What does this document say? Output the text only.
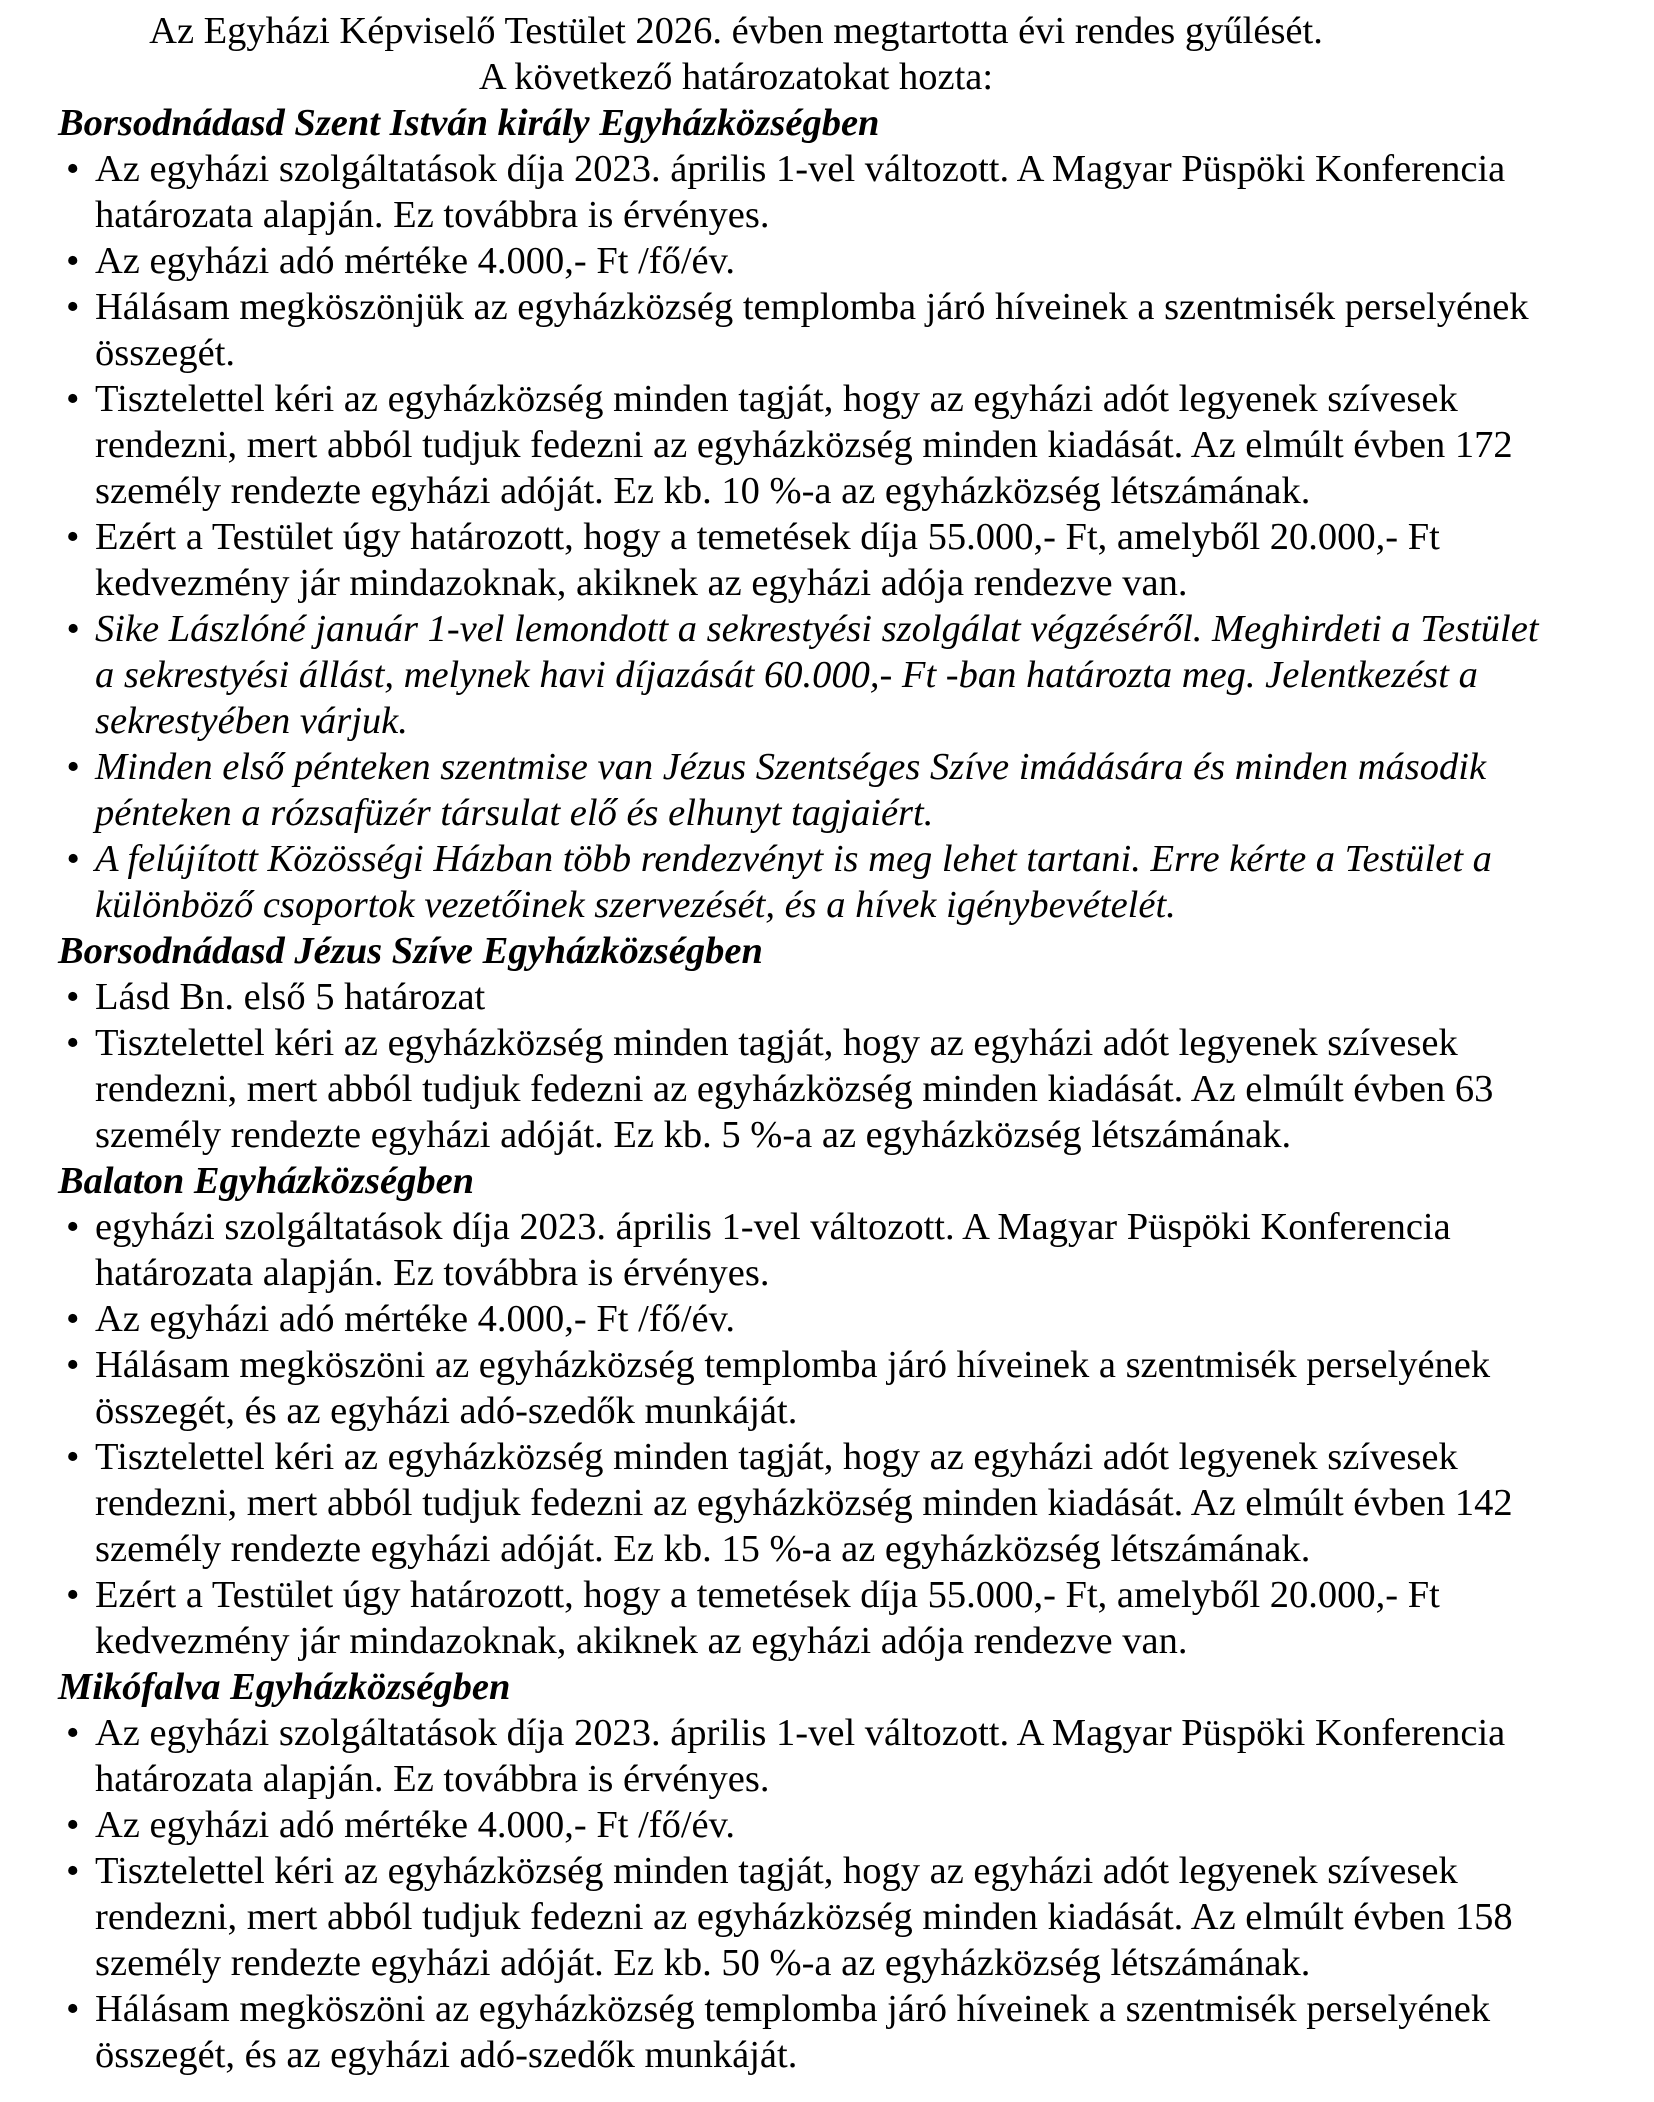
Az Egyházi Képviselő Testület 2026. évben megtartotta évi rendes gyűlését.
A következő határozatokat hozta:
Borsodnádasd Szent István király Egyházközségben
• Az egyházi szolgáltatások díja 2023. április 1-vel változott. A Magyar Püspöki Konferencia határozata alapján. Ez továbbra is érvényes.
• Az egyházi adó mértéke 4.000,- Ft /fő/év.
• Hálásam megköszönjük az egyházközség templomba járó híveinek a szentmisék perselyének összegét.
• Tisztelettel kéri az egyházközség minden tagját, hogy az egyházi adót legyenek szívesek rendezni, mert abból tudjuk fedezni az egyházközség minden kiadását. Az elmúlt évben 172 személy rendezte egyházi adóját. Ez kb. 10 %-a az egyházközség létszámának.
• Ezért a Testület úgy határozott, hogy a temetések díja 55.000,- Ft, amelyből 20.000,- Ft kedvezmény jár mindazoknak, akiknek az egyházi adója rendezve van.
• Sike Lászlóné január 1-vel lemondott a sekrestyési szolgálat végzéséről. Meghirdeti a Testület a sekrestyési állást, melynek havi díjazását 60.000,- Ft -ban határozta meg. Jelentkezést a sekrestyében várjuk.
• Minden első pénteken szentmise van Jézus Szentséges Szíve imádására és minden második pénteken a rózsafüzér társulat elő és elhunyt tagjaiért.
• A felújított Közösségi Házban több rendezvényt is meg lehet tartani. Erre kérte a Testület a különböző csoportok vezetőinek szervezését, és a hívek igénybevételét.
Borsodnádasd Jézus Szíve Egyházközségben
• Lásd Bn. első 5 határozat
• Tisztelettel kéri az egyházközség minden tagját, hogy az egyházi adót legyenek szívesek rendezni, mert abból tudjuk fedezni az egyházközség minden kiadását. Az elmúlt évben 63 személy rendezte egyházi adóját. Ez kb. 5 %-a az egyházközség létszámának.
Balaton Egyházközségben
• egyházi szolgáltatások díja 2023. április 1-vel változott. A Magyar Püspöki Konferencia határozata alapján. Ez továbbra is érvényes.
• Az egyházi adó mértéke 4.000,- Ft /fő/év.
• Hálásam megköszöni az egyházközség templomba járó híveinek a szentmisék perselyének összegét, és az egyházi adó-szedők munkáját.
• Tisztelettel kéri az egyházközség minden tagját, hogy az egyházi adót legyenek szívesek rendezni, mert abból tudjuk fedezni az egyházközség minden kiadását. Az elmúlt évben 142 személy rendezte egyházi adóját. Ez kb. 15 %-a az egyházközség létszámának.
• Ezért a Testület úgy határozott, hogy a temetések díja 55.000,- Ft, amelyből 20.000,- Ft kedvezmény jár mindazoknak, akiknek az egyházi adója rendezve van.
Mikófalva Egyházközségben
• Az egyházi szolgáltatások díja 2023. április 1-vel változott. A Magyar Püspöki Konferencia határozata alapján. Ez továbbra is érvényes.
• Az egyházi adó mértéke 4.000,- Ft /fő/év.
• Tisztelettel kéri az egyházközség minden tagját, hogy az egyházi adót legyenek szívesek rendezni, mert abból tudjuk fedezni az egyházközség minden kiadását. Az elmúlt évben 158 személy rendezte egyházi adóját. Ez kb. 50 %-a az egyházközség létszámának.
• Hálásam megköszöni az egyházközség templomba járó híveinek a szentmisék perselyének összegét, és az egyházi adó-szedők munkáját.
